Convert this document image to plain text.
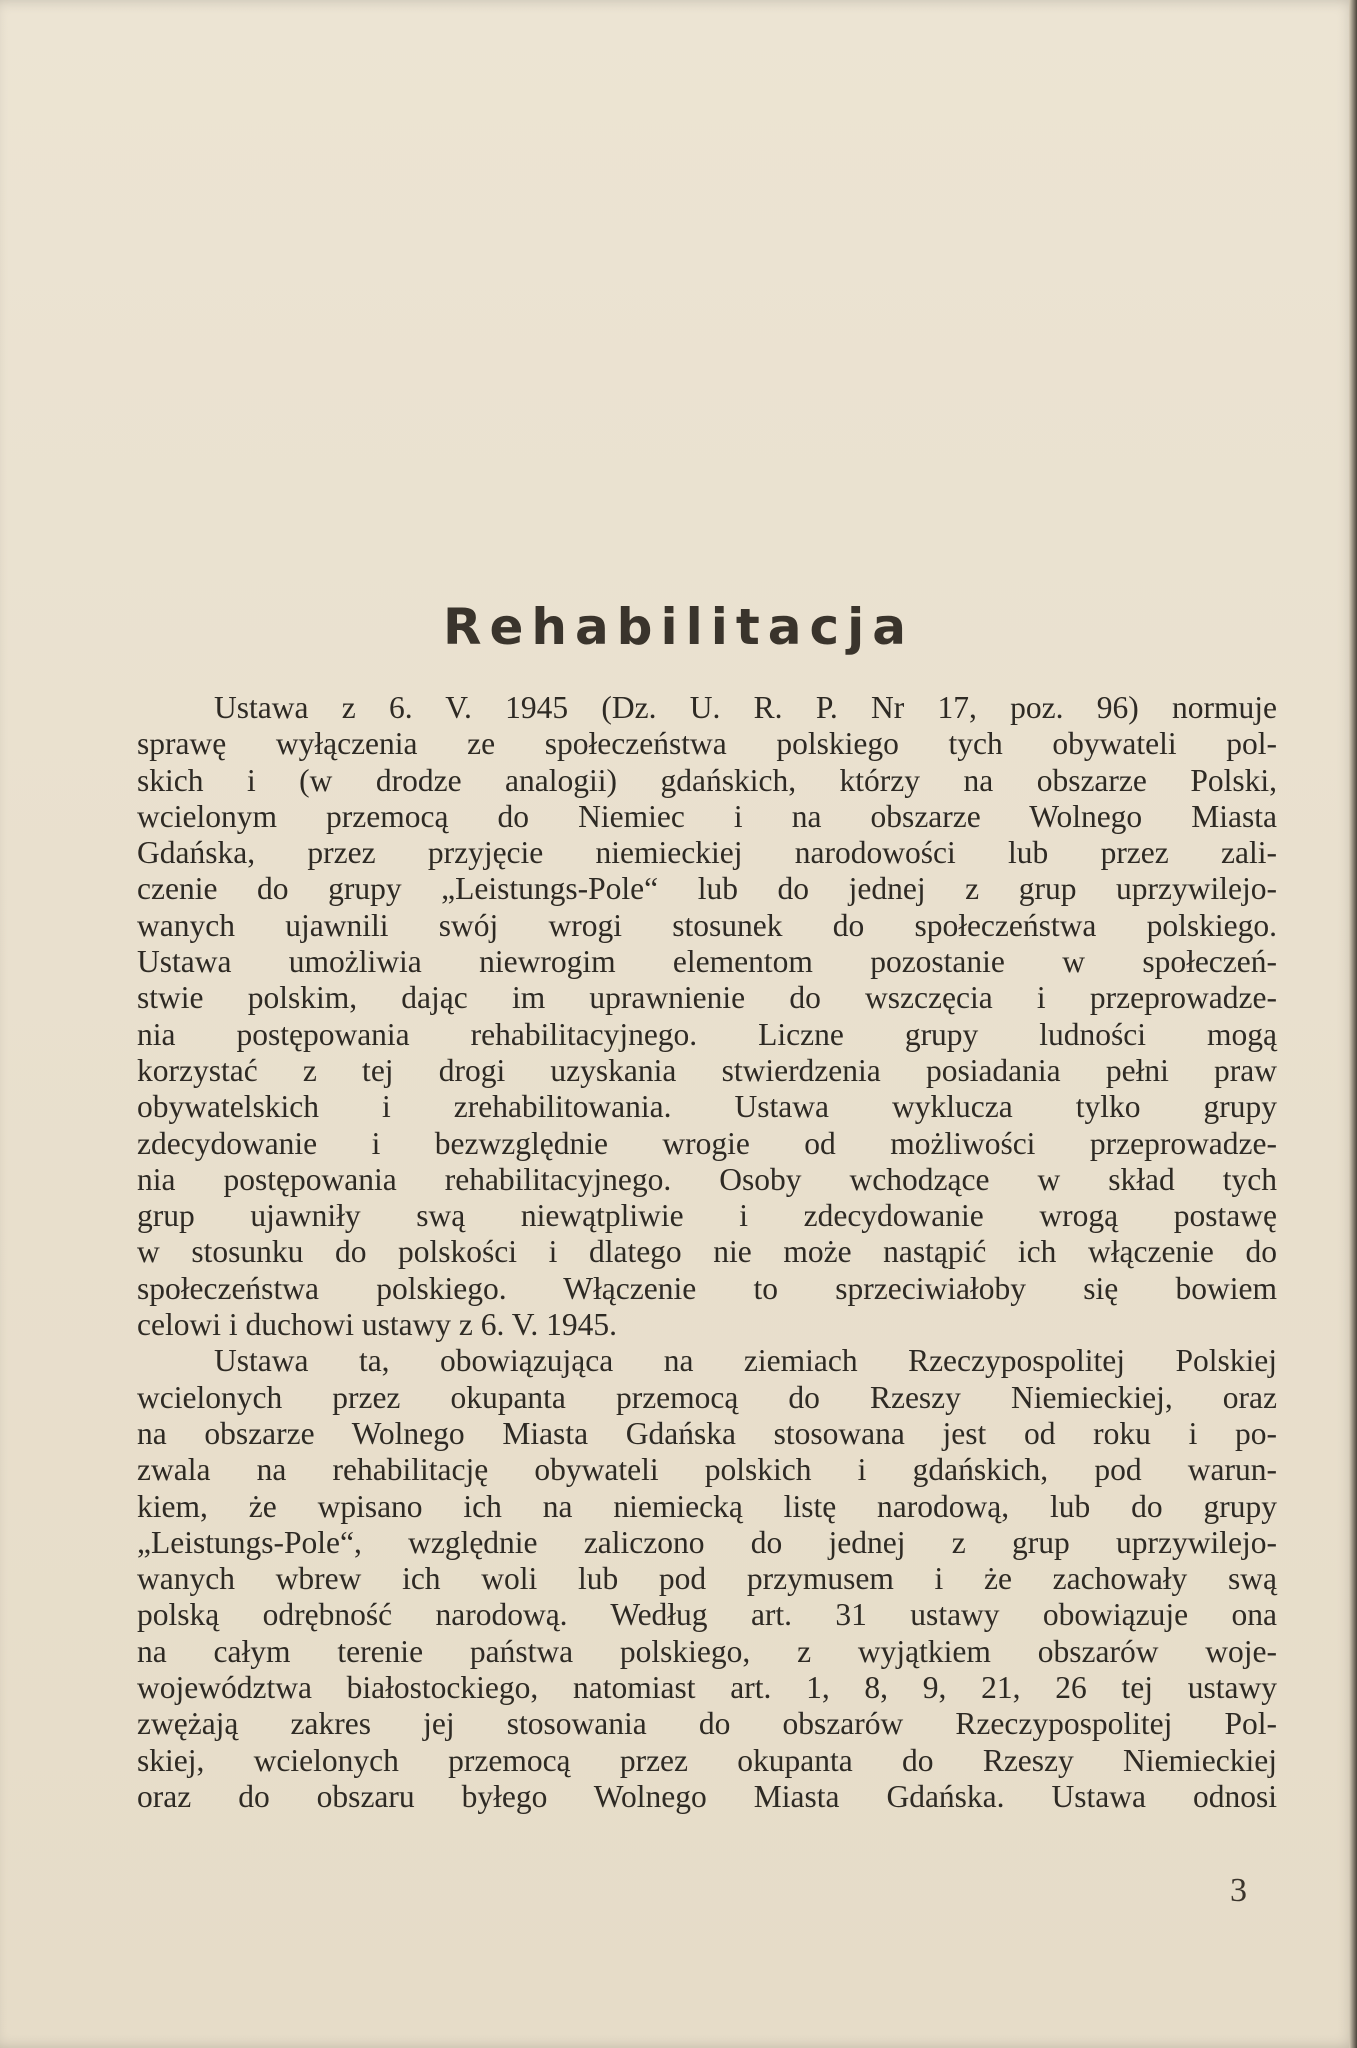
Rehabilitacja

Ustawa z 6. V. 1945 (Dz. U. R. P. Nr 17, poz. 96) normuje
sprawę wyłączenia ze społeczeństwa polskiego tych obywateli pol-
skich i (w drodze analogii) gdańskich, którzy na obszarze Polski,
wcielonym przemocą do Niemiec i na obszarze Wolnego Miasta
Gdańska, przez przyjęcie niemieckiej narodowości lub przez zali-
czenie do grupy „Leistungs-Pole“ lub do jednej z grup uprzywilejo-
wanych ujawnili swój wrogi stosunek do społeczeństwa polskiego.
Ustawa umożliwia niewrogim elementom pozostanie w społeczeń-
stwie polskim, dając im uprawnienie do wszczęcia i przeprowadze-
nia postępowania rehabilitacyjnego. Liczne grupy ludności mogą
korzystać z tej drogi uzyskania stwierdzenia posiadania pełni praw
obywatelskich i zrehabilitowania. Ustawa wyklucza tylko grupy
zdecydowanie i bezwzględnie wrogie od możliwości przeprowadze-
nia postępowania rehabilitacyjnego. Osoby wchodzące w skład tych
grup ujawniły swą niewątpliwie i zdecydowanie wrogą postawę
w stosunku do polskości i dlatego nie może nastąpić ich włączenie do
społeczeństwa polskiego. Włączenie to sprzeciwiałoby się bowiem
celowi i duchowi ustawy z 6. V. 1945.

Ustawa ta, obowiązująca na ziemiach Rzeczypospolitej Polskiej
wcielonych przez okupanta przemocą do Rzeszy Niemieckiej, oraz
na obszarze Wolnego Miasta Gdańska stosowana jest od roku i po-
zwala na rehabilitację obywateli polskich i gdańskich, pod warun-
kiem, że wpisano ich na niemiecką listę narodową, lub do grupy
„Leistungs-Pole“, względnie zaliczono do jednej z grup uprzywilejo-
wanych wbrew ich woli lub pod przymusem i że zachowały swą
polską odrębność narodową. Według art. 31 ustawy obowiązuje ona
na całym terenie państwa polskiego, z wyjątkiem obszarów woje-
województwa białostockiego, natomiast art. 1, 8, 9, 21, 26 tej ustawy
zwężają zakres jej stosowania do obszarów Rzeczypospolitej Pol-
skiej, wcielonych przemocą przez okupanta do Rzeszy Niemieckiej
oraz do obszaru byłego Wolnego Miasta Gdańska. Ustawa odnosi

3
